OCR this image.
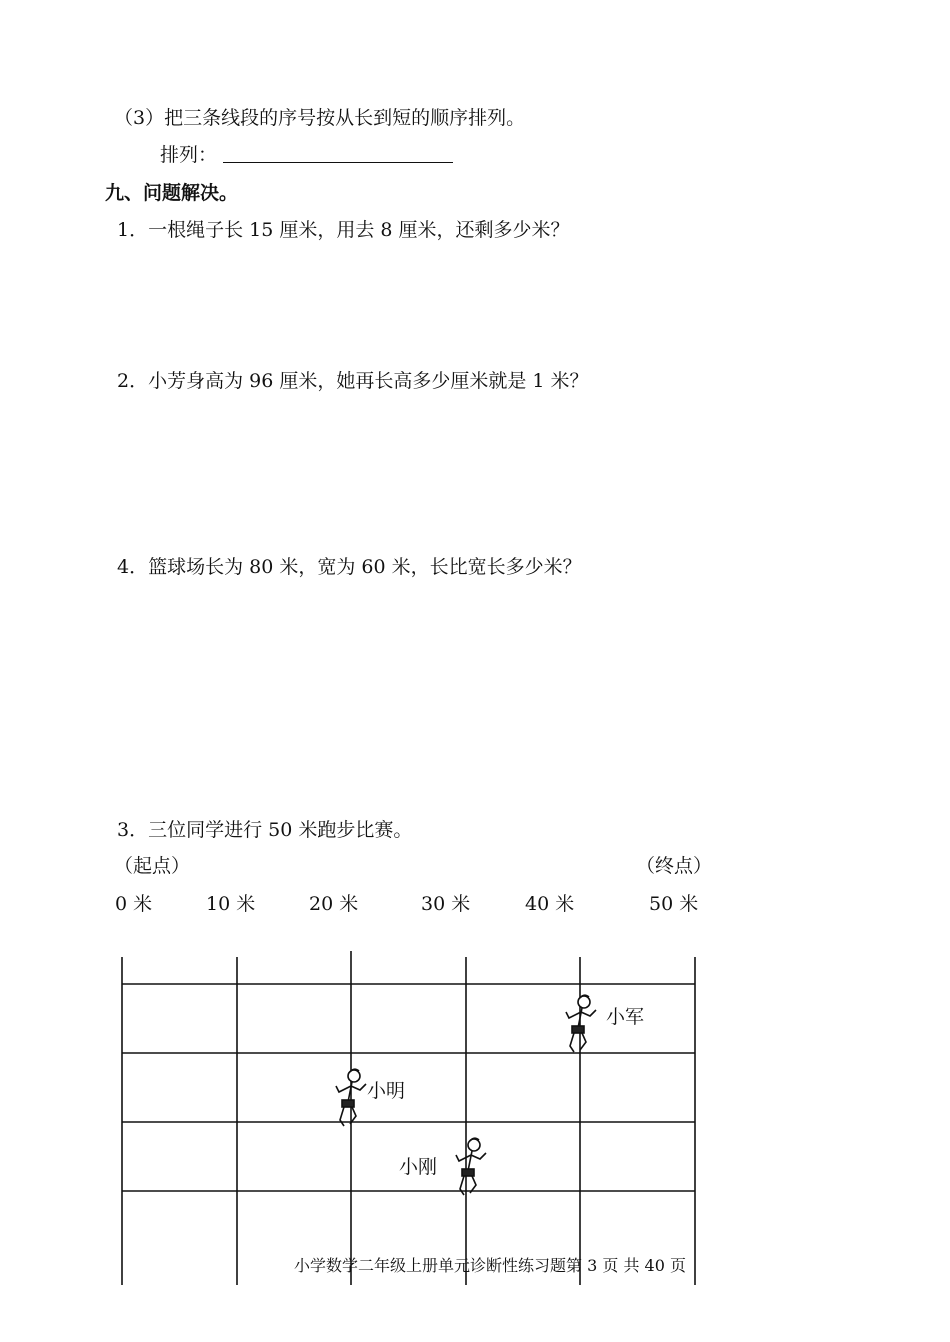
（3）把三条线段的序号按从长到短的顺序排列。
排列：
九、问题解决。
1．一根绳子长 15 厘米，用去 8 厘米，还剩多少米？
2．小芳身高为 96 厘米，她再长高多少厘米就是 1 米？
4．篮球场长为 80 米，宽为 60 米，长比宽长多少米？
3．三位同学进行 50 米跑步比赛。
（起点）	（终点）
0 米	10 米	20 米	30 米	40 米	50 米
小军
小明
小刚
小学数学二年级上册单元诊断性练习题第 3 页 共 40 页
